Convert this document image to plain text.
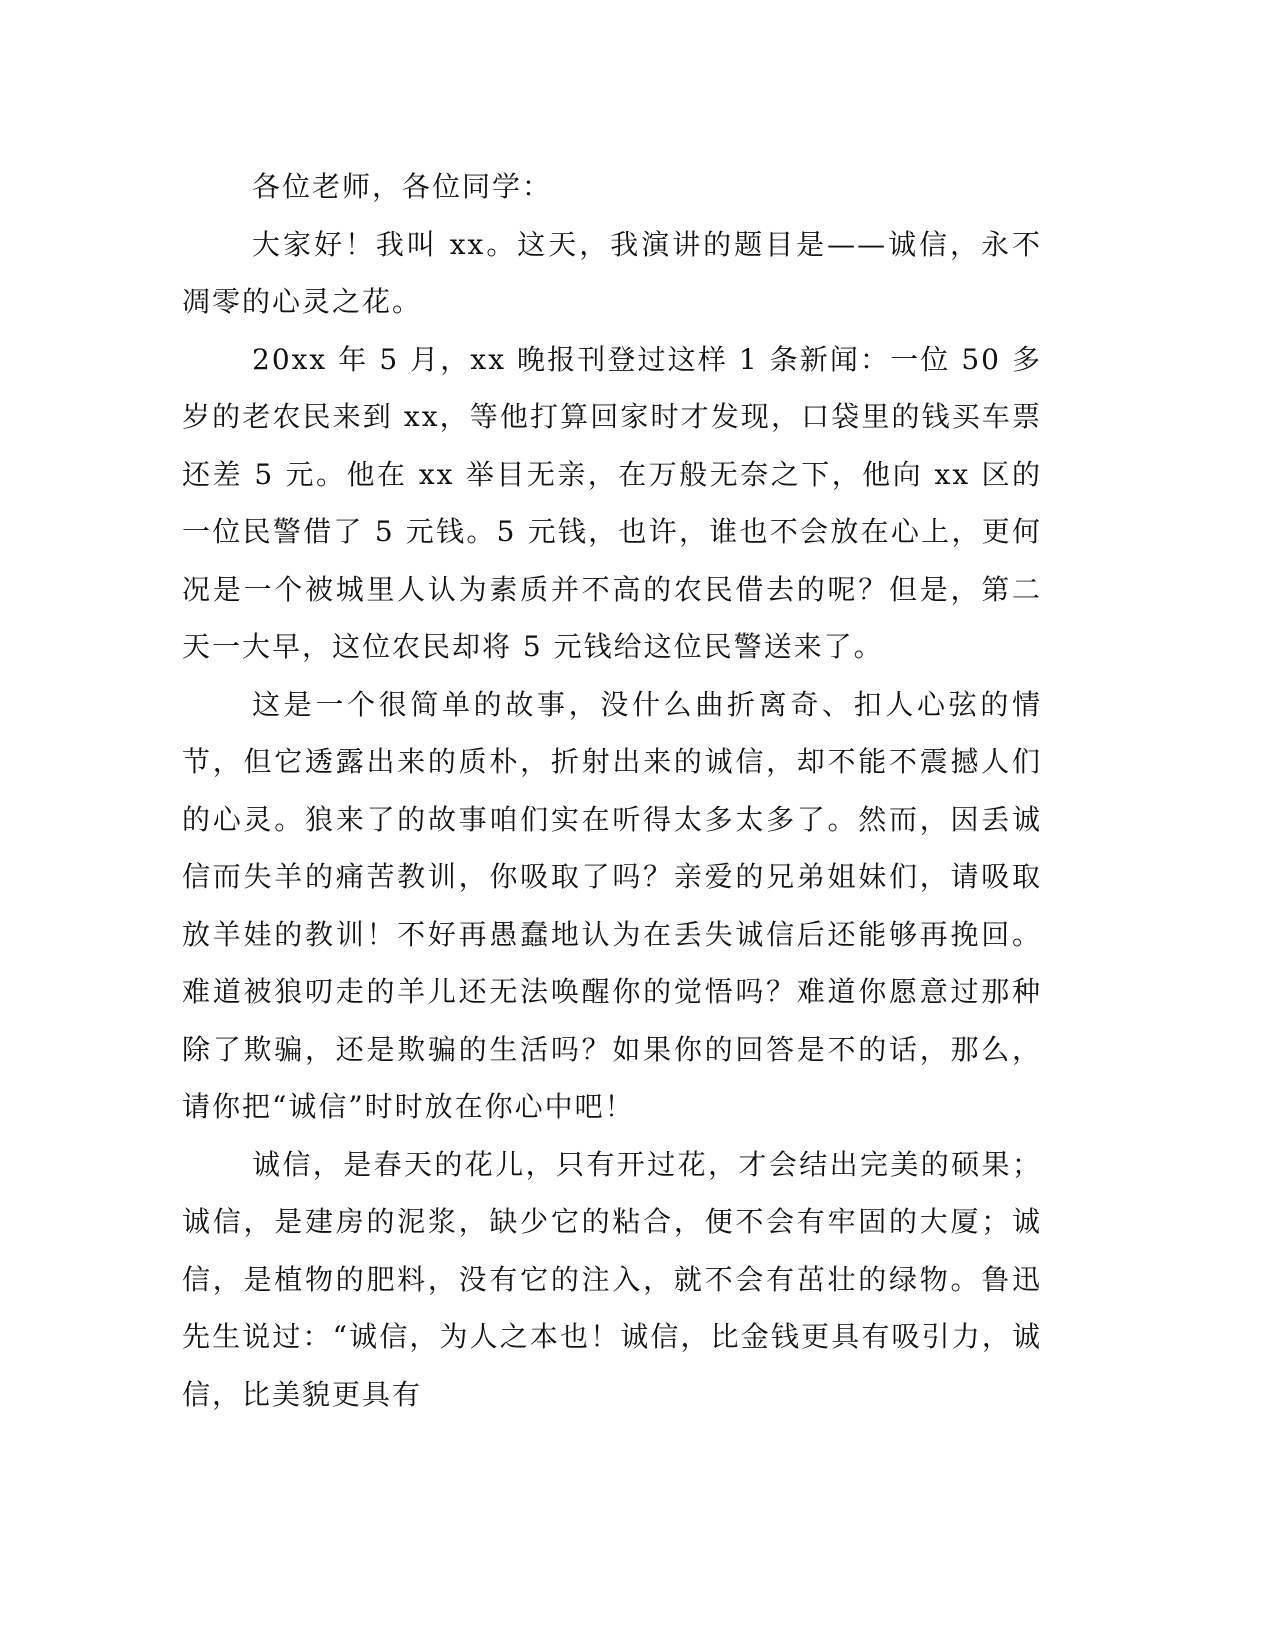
各位老师，各位同学：

大家好！我叫 xx。这天，我演讲的题目是——诚信，永不凋零的心灵之花。

20xx 年 5 月，xx 晚报刊登过这样 1 条新闻：一位 50 多岁的老农民来到 xx，等他打算回家时才发现，口袋里的钱买车票还差 5 元。他在 xx 举目无亲，在万般无奈之下，他向 xx 区的一位民警借了 5 元钱。5 元钱，也许，谁也不会放在心上，更何况是一个被城里人认为素质并不高的农民借去的呢？但是，第二天一大早，这位农民却将 5 元钱给这位民警送来了。

这是一个很简单的故事，没什么曲折离奇、扣人心弦的情节，但它透露出来的质朴，折射出来的诚信，却不能不震撼人们的心灵。狼来了的故事咱们实在听得太多太多了。然而，因丢诚信而失羊的痛苦教训，你吸取了吗？亲爱的兄弟姐妹们，请吸取放羊娃的教训！不好再愚蠢地认为在丢失诚信后还能够再挽回。难道被狼叨走的羊儿还无法唤醒你的觉悟吗？难道你愿意过那种除了欺骗，还是欺骗的生活吗？如果你的回答是不的话，那么，请你把“诚信”时时放在你心中吧！

诚信，是春天的花儿，只有开过花，才会结出完美的硕果；诚信，是建房的泥浆，缺少它的粘合，便不会有牢固的大厦；诚信，是植物的肥料，没有它的注入，就不会有茁壮的绿物。鲁迅先生说过：“诚信，为人之本也！诚信，比金钱更具有吸引力，诚信，比美貌更具有
